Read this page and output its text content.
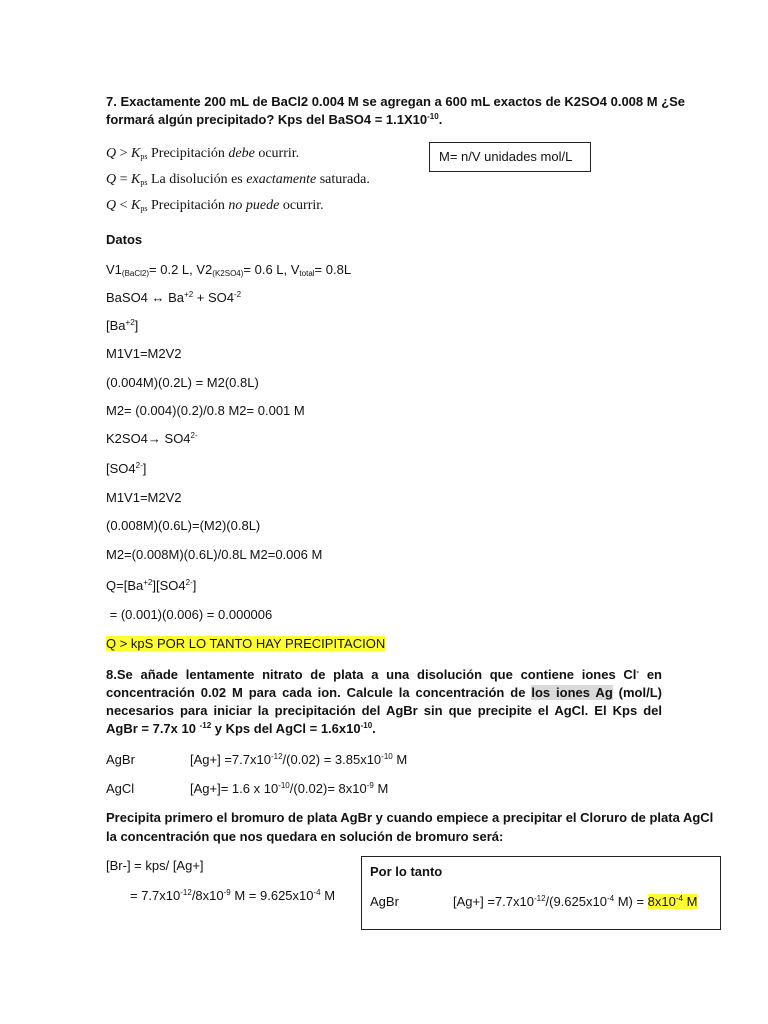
7. Exactamente 200 mL de BaCl2 0.004 M se agregan a 600 mL exactos de K2SO4 0.008 M ¿Se
formará algún precipitado? Kps del BaSO4 = $1.1X10^{-10}$.
$Q > K_{ps}$ Precipitación debe ocurrir.
$Q = K_{ps}$ La disolución es exactamente saturada.
$Q < K_{ps}$ Precipitación no puede ocurrir.
M= n/V unidades mol/L
Datos
$V1_{(BaCl2)}= 0.2$ L, $V2_{(K2SO4)}= 0.6$ L, $V_{total}= 0.8L$
BaSO4 ↔ $Ba^{+2} + SO4^{-2}$
$[Ba^{+2}]$
M1V1=M2V2
(0.004M)(0.2L) = M2(0.8L)
M2= (0.004)(0.2)/0.8 M2= 0.001 M
$K2SO4\to SO4^{2-}$
$[SO4^{2-}]$
M1V1=M2V2
(0.008M)(0.6L)=(M2)(0.8L)
M2=(0.008M)(0.6L)/0.8L M2=0.006 M
$Q=[Ba^{+2}][SO4^{2-}]$
= (0.001)(0.006) = 0.000006
Q > kpS POR LO TANTO HAY PRECIPITACION
8.Se añade lentamente nitrato de plata a una disolución que contiene iones Cl- en concentración 0.02 M para cada ion. Calcule la concentración de los iones Ag (mol/L) necesarios para iniciar la precipitación del AgBr sin que precipite el AgCl. El Kps del AgBr = 7.7x 10 $^{-12}$ y Kps del AgCl = $1.6x10^{-10}$.
AgBr	$[Ag+] =7.7x10^{-12}/(0.02) = 3.85x10^{-10}$ M
AgCl	[Ag+]= 1.6 x $10^{-10}/(0.02)= 8x10^{-9}$ M
Precipita primero el bromuro de plata AgBr y cuando empiece a precipitar el Cloruro de plata AgCl
la concentración que nos quedara en solución de bromuro será:
[Br-] = kps/ [Ag+]
= $7.7x10^{-12}/8x10^{-9}$ $M = 9.625x10^{-4}$ M
Por lo tanto
AgBr	$[Ag+] =7.7x10^{-12}/(9.625x10^{-4}$ $M) = 8x10^{-4}$ M
